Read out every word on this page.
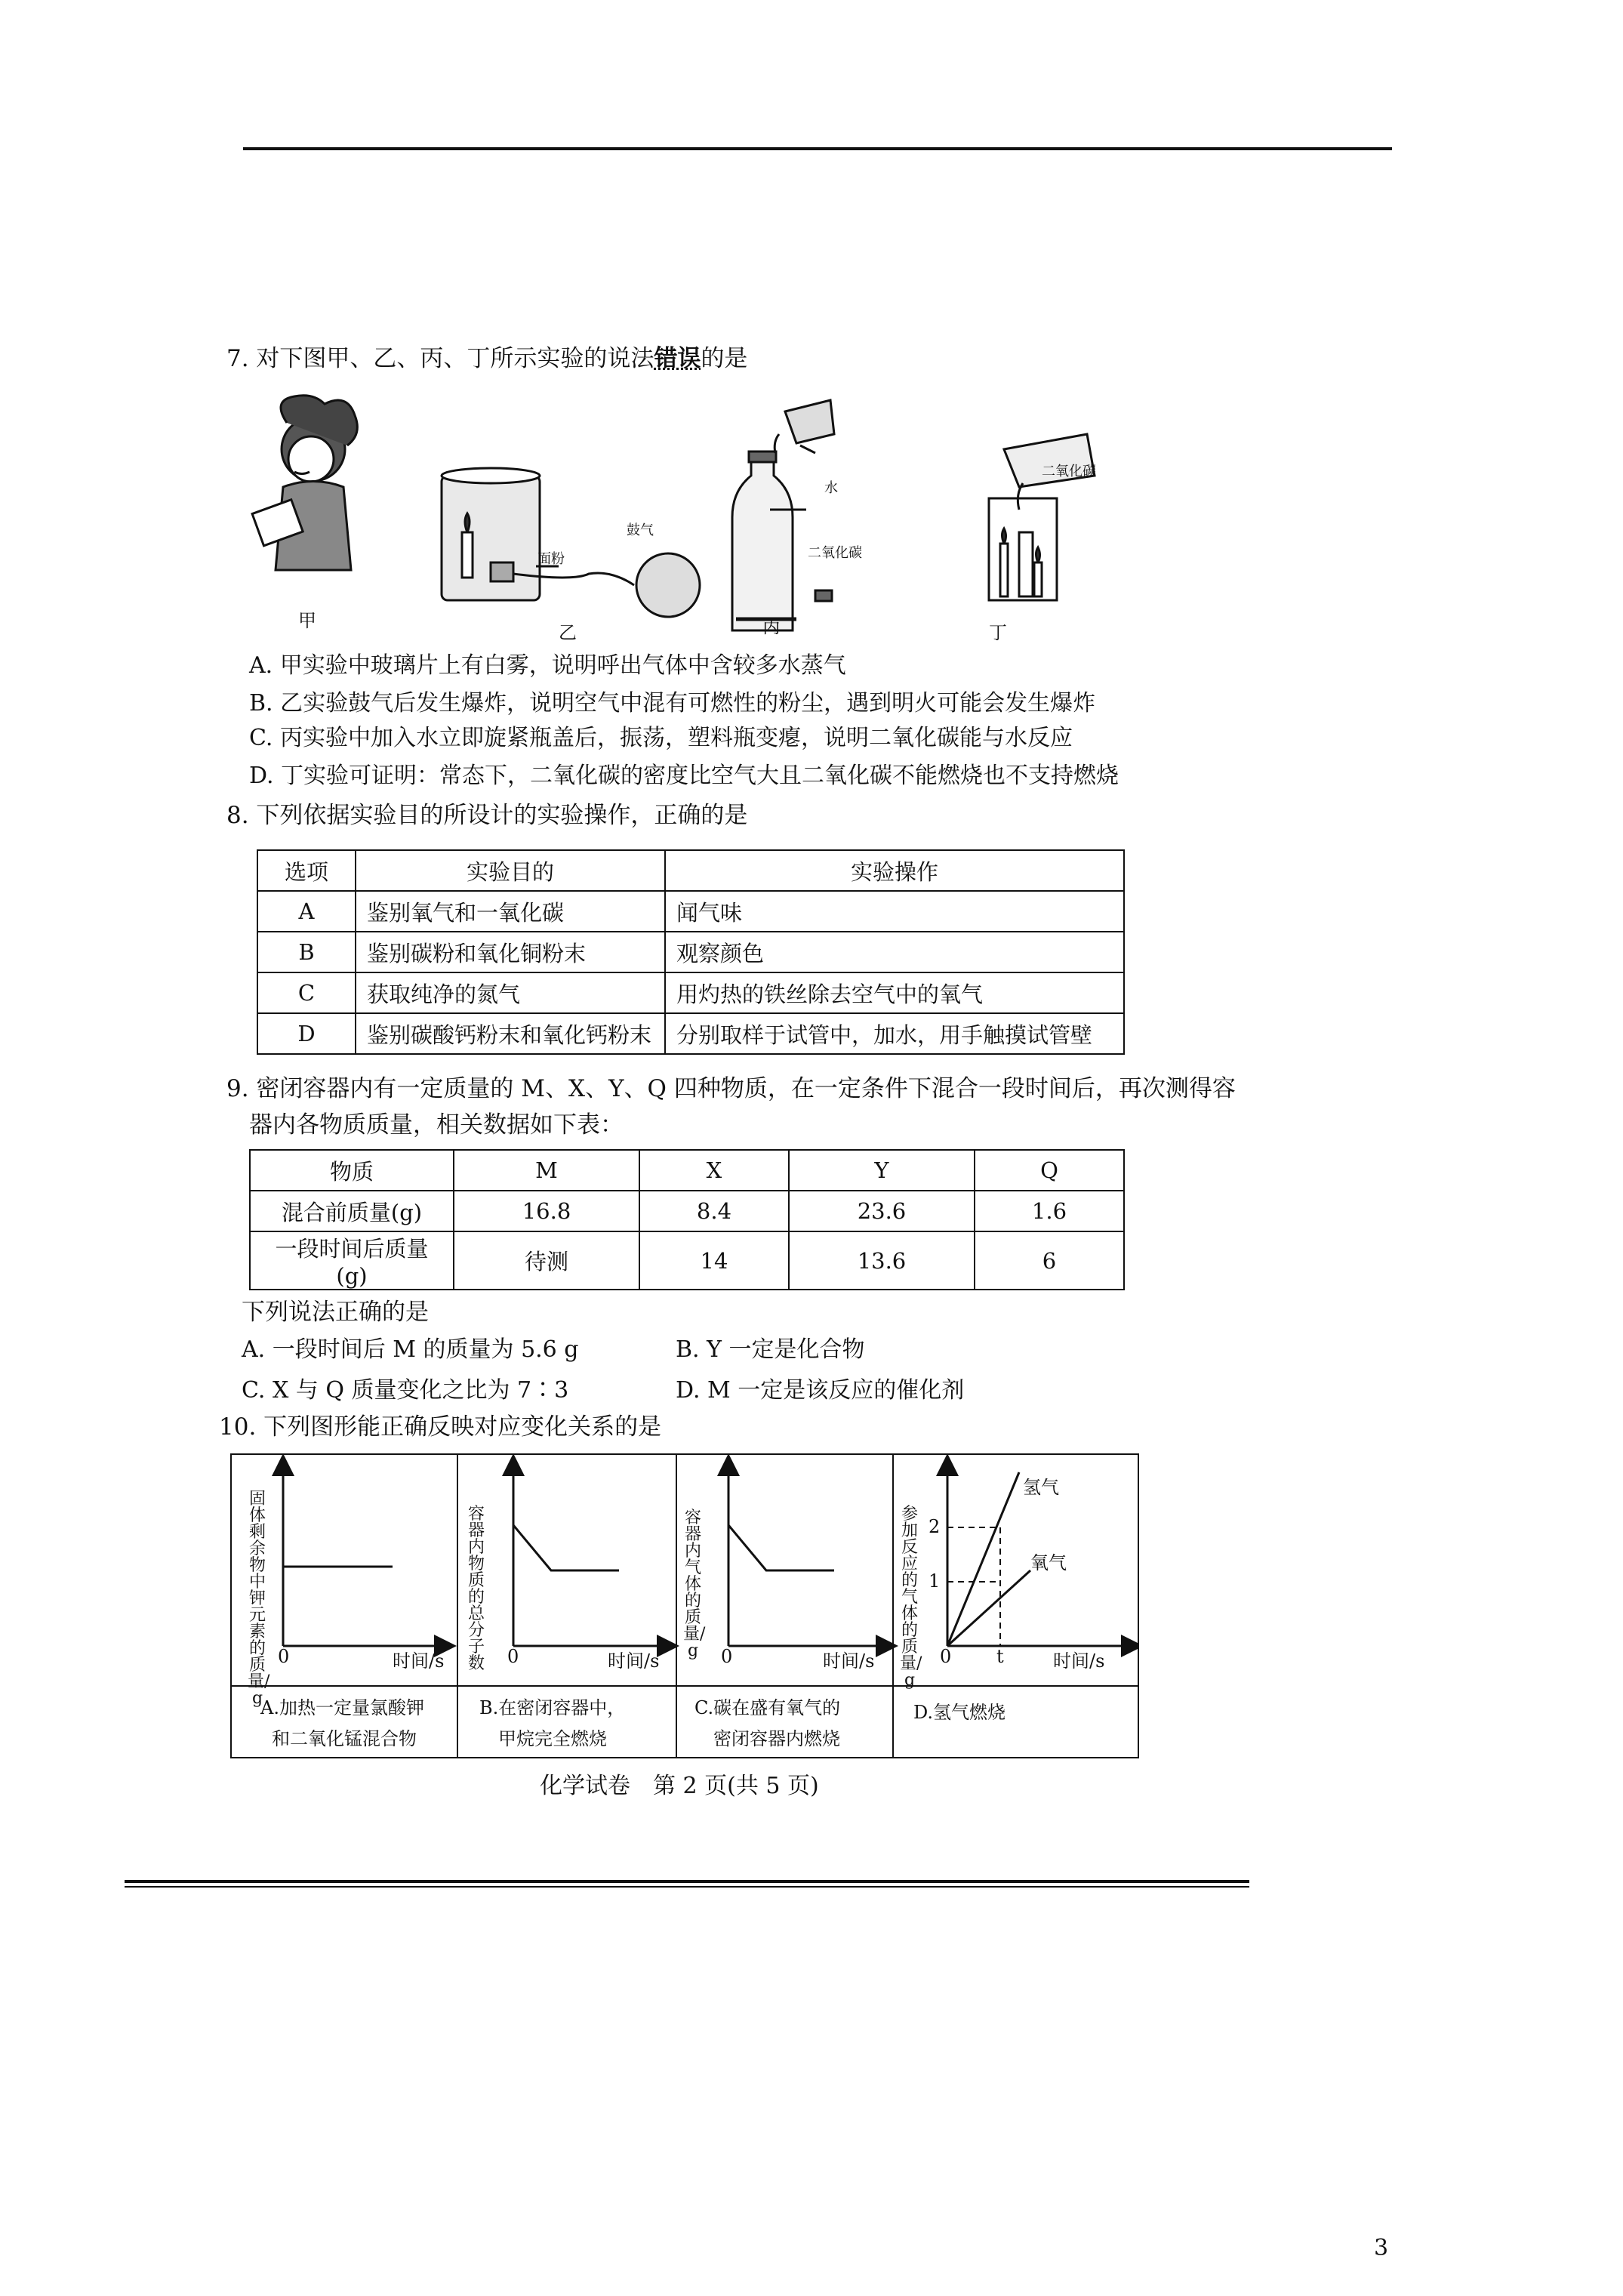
7. 对下图甲、乙、丙、丁所示实验的说法错误的是
面粉
鼓气
水
二氧化碳
二氧化碳
甲
乙	丙	丁
A. 甲实验中玻璃片上有白雾，说明呼出气体中含较多水蒸气
B. 乙实验鼓气后发生爆炸，说明空气中混有可燃性的粉尘，遇到明火可能会发生爆炸
C. 丙实验中加入水立即旋紧瓶盖后，振荡，塑料瓶变瘪，说明二氧化碳能与水反应
D. 丁实验可证明：常态下，二氧化碳的密度比空气大且二氧化碳不能燃烧也不支持燃烧
8. 下列依据实验目的所设计的实验操作，正确的是
选项	实验目的	实验操作
A	鉴别氧气和一氧化碳	闻气味
B	鉴别碳粉和氧化铜粉末	观察颜色
C	获取纯净的氮气	用灼热的铁丝除去空气中的氧气
D	鉴别碳酸钙粉末和氧化钙粉末	分别取样于试管中，加水，用手触摸试管壁
9. 密闭容器内有一定质量的 M、X、Y、Q 四种物质，在一定条件下混合一段时间后，再次测得容
器内各物质质量，相关数据如下表：
物质	M	X	Y	Q
混合前质量(g)	16.8	8.4	23.6	1.6
一段时间后质量(g)	待测	14	13.6	6
下列说法正确的是
A. 一段时间后 M 的质量为 5.6 g	B. Y 一定是化合物
C. X 与 Q 质量变化之比为 7∶3	D. M 一定是该反应的催化剂
10. 下列图形能正确反映对应变化关系的是
固体剩余物中钾元素的质量/g
0	时间/s
A.加热一定量氯酸钾
和二氧化锰混合物
容器内物质的总分子数 0	时间/s
B.在密闭容器中，
甲烷完全燃烧
容器内气体的质量/g 0	时间/s
C.碳在盛有氧气的
密闭容器内燃烧
参加反应的气体的质量/g
2
1
氢气
氧气
0 t	时间/s
D.氢气燃烧
化学试卷　第 2 页(共 5 页)
3
